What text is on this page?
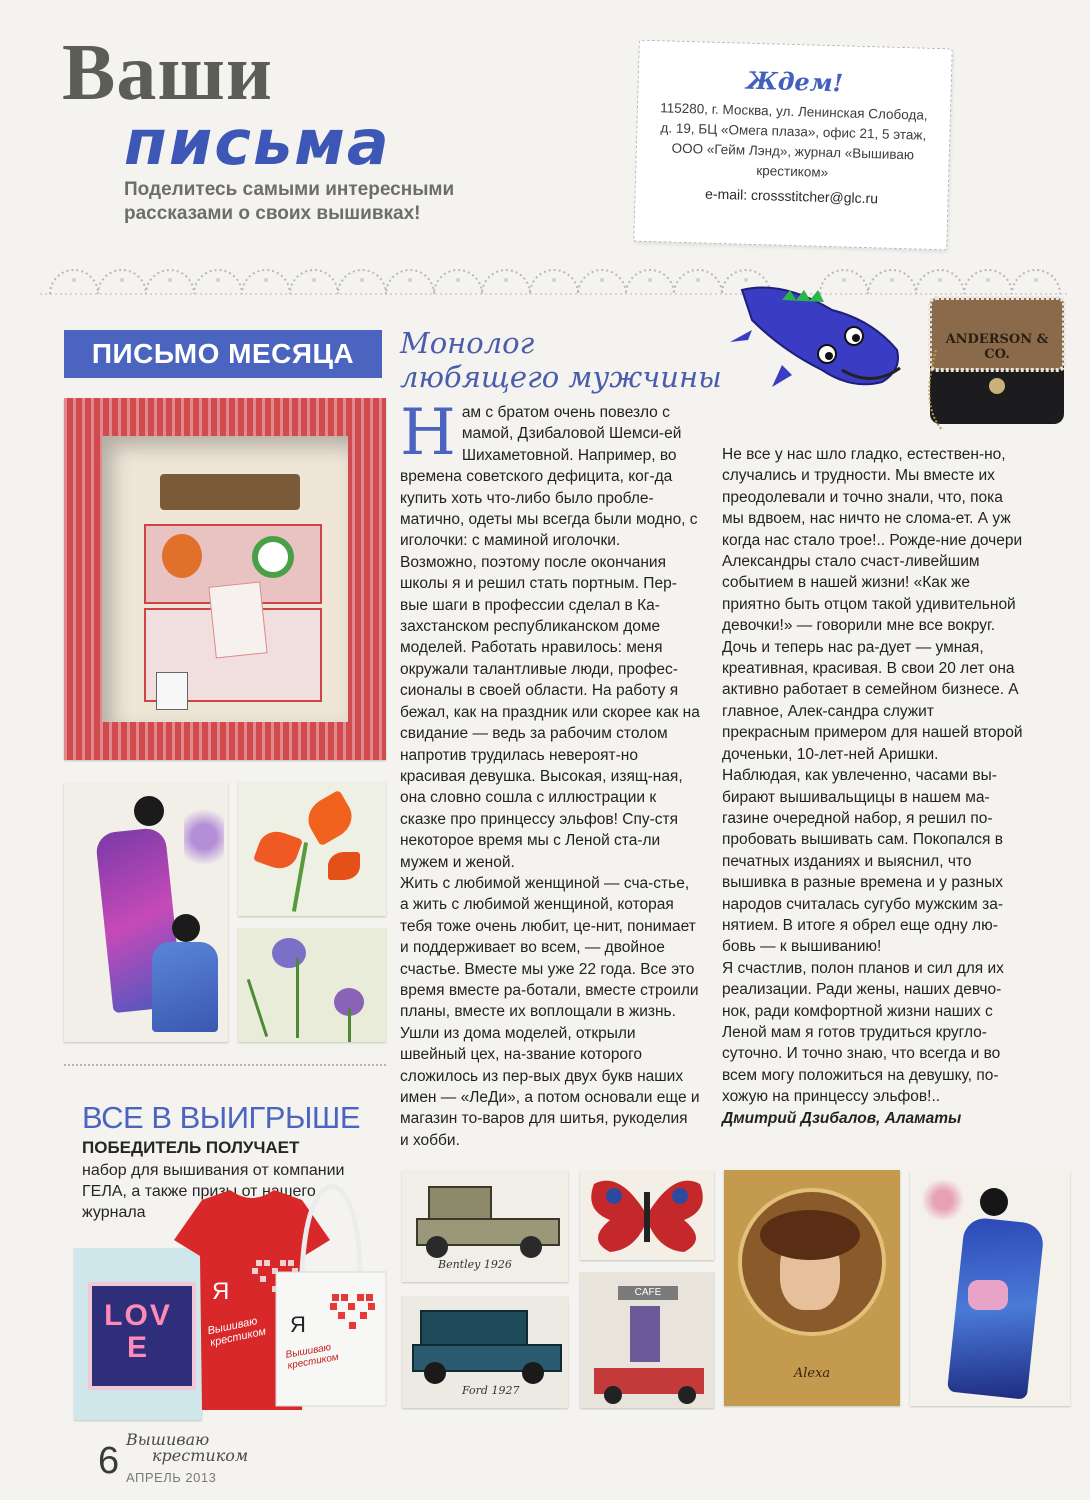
Ваши
письма
Поделитесь самыми интересными рассказами о своих вышивках!
Ждем!
115280, г. Москва, ул. Ленинская Слобода,
д. 19, БЦ «Омега плаза», офис 21, 5 этаж,
ООО «Гейм Лэнд», журнал «Вышиваю
крестиком»
e-mail: crossstitcher@glc.ru
ANDERSON & CO.
ПИСЬМО МЕСЯЦА	Монолог
любящего мужчины

Нам с братом очень повезло с мамой, Дзибаловой Шемси-ей Шихаметовной. Например, во времена советского дефицита, ког-да купить хоть что-либо было пробле-матично, одеты мы всегда были модно, с иголочки: с маминой иголочки. Возможно, поэтому после окончания школы я и решил стать портным. Пер-вые шаги в профессии сделал в Ка-захстанском республиканском доме моделей. Работать нравилось: меня окружали талантливые люди, профес-сионалы в своей области. На работу я бежал, как на праздник или скорее как на свидание — ведь за рабочим столом напротив трудилась невероят-но красивая девушка. Высокая, изящ-ная, она словно сошла с иллюстрации к сказке про принцессу эльфов! Спу-стя некоторое время мы с Леной ста-ли мужем и женой.

Жить с любимой женщиной — сча-стье, а жить с любимой женщиной, которая тебя тоже очень любит, це-нит, понимает и поддерживает во всем, — двойное счастье. Вместе мы уже 22 года. Все это время вместе ра-ботали, вместе строили планы, вместе их воплощали в жизнь. Ушли из дома моделей, открыли швейный цех, на-звание которого сложилось из пер-вых двух букв наших имен — «ЛеДи», а потом основали еще и магазин то-варов для шитья, рукоделия и хобби.

Не все у нас шло гладко, естествен-но, случались и трудности. Мы вместе их преодолевали и точно знали, что, пока мы вдвоем, нас ничто не слома-ет. А уж когда нас стало трое!.. Рожде-ние дочери Александры стало счаст-ливейшим событием в нашей жизни! «Как же приятно быть отцом такой удивительной девочки!» — говорили мне все вокруг. Дочь и теперь нас ра-дует — умная, креативная, красивая. В свои 20 лет она активно работает в семейном бизнесе. А главное, Алек-сандра служит прекрасным примером для нашей второй доченьки, 10-лет-ней Аришки.

Наблюдая, как увлеченно, часами вы-бирают вышивальщицы в нашем ма-газине очередной набор, я решил по-пробовать вышивать сам. Покопался в печатных изданиях и выяснил, что вышивка в разные времена и у разных народов считалась сугубо мужским за-нятием. В итоге я обрел еще одну лю-бовь — к вышиванию!

Я счастлив, полон планов и сил для их реализации. Ради жены, наших девчо-нок, ради комфортной жизни наших с Леной мам я готов трудиться кругло-суточно. И точно знаю, что всегда и во всем могу положиться на девушку, по-хожую на принцессу эльфов!..

Дмитрий Дзибалов, Аламаты

ВСЕ В ВЫИГРЫШЕ
ПОБЕДИТЕЛЬ ПОЛУЧАЕТ
набор для вышивания от компании ГЕЛА, а также призы от нашего журнала
LOVE
Я
Вышиваю крестиком
Я
Вышиваю крестиком
Bentley 1926
Ford 1927
CAFE
Alexa
6
Вышиваю
крестиком
АПРЕЛЬ 2013
